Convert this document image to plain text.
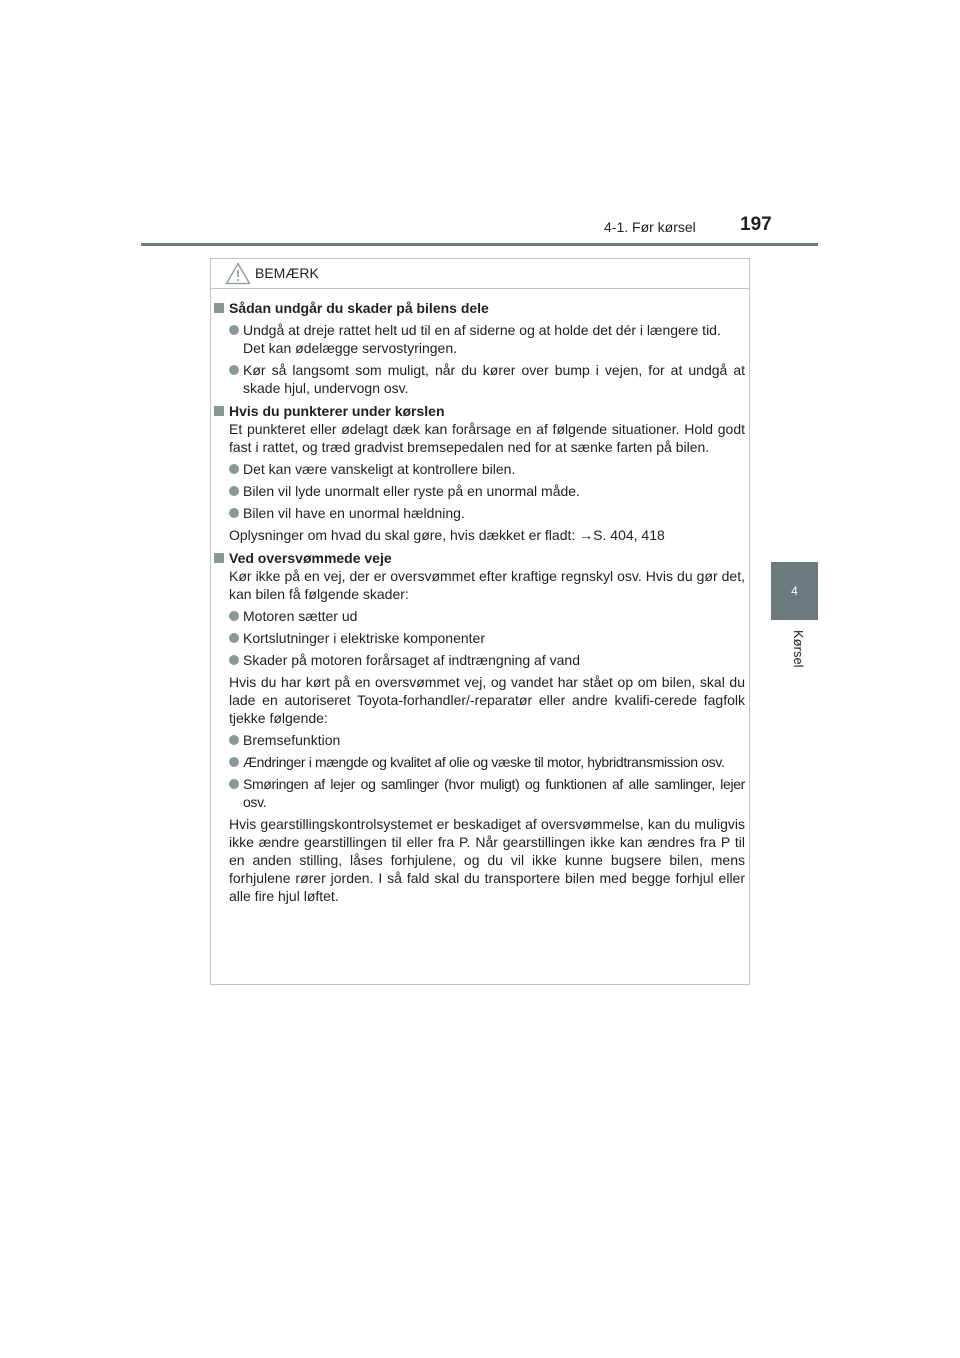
4-1. Før kørsel 197
4
Kørsel
BEMÆRK
Sådan undgår du skader på bilens dele
Undgå at dreje rattet helt ud til en af siderne og at holde det dér i længere tid.
Det kan ødelægge servostyringen.
Kør så langsomt som muligt, når du kører over bump i vejen, for at undgå at skade hjul, undervogn osv.
Hvis du punkterer under kørslen
Et punkteret eller ødelagt dæk kan forårsage en af følgende situationer. Hold godt fast i rattet, og træd gradvist bremsepedalen ned for at sænke farten på bilen.
Det kan være vanskeligt at kontrollere bilen.
Bilen vil lyde unormalt eller ryste på en unormal måde.
Bilen vil have en unormal hældning.
Oplysninger om hvad du skal gøre, hvis dækket er fladt: →S. 404, 418
Ved oversvømmede veje
Kør ikke på en vej, der er oversvømmet efter kraftige regnskyl osv. Hvis du gør det, kan bilen få følgende skader:
Motoren sætter ud
Kortslutninger i elektriske komponenter
Skader på motoren forårsaget af indtrængning af vand
Hvis du har kørt på en oversvømmet vej, og vandet har stået op om bilen, skal du lade en autoriseret Toyota-forhandler/-reparatør eller andre kvalifi-cerede fagfolk tjekke følgende:
Bremsefunktion
Ændringer i mængde og kvalitet af olie og væske til motor, hybridtransmission osv.
Smøringen af lejer og samlinger (hvor muligt) og funktionen af alle samlinger, lejer osv.
Hvis gearstillingskontrolsystemet er beskadiget af oversvømmelse, kan du muligvis ikke ændre gearstillingen til eller fra P. Når gearstillingen ikke kan ændres fra P til en anden stilling, låses forhjulene, og du vil ikke kunne bugsere bilen, mens forhjulene rører jorden. I så fald skal du transportere bilen med begge forhjul eller alle fire hjul løftet.
